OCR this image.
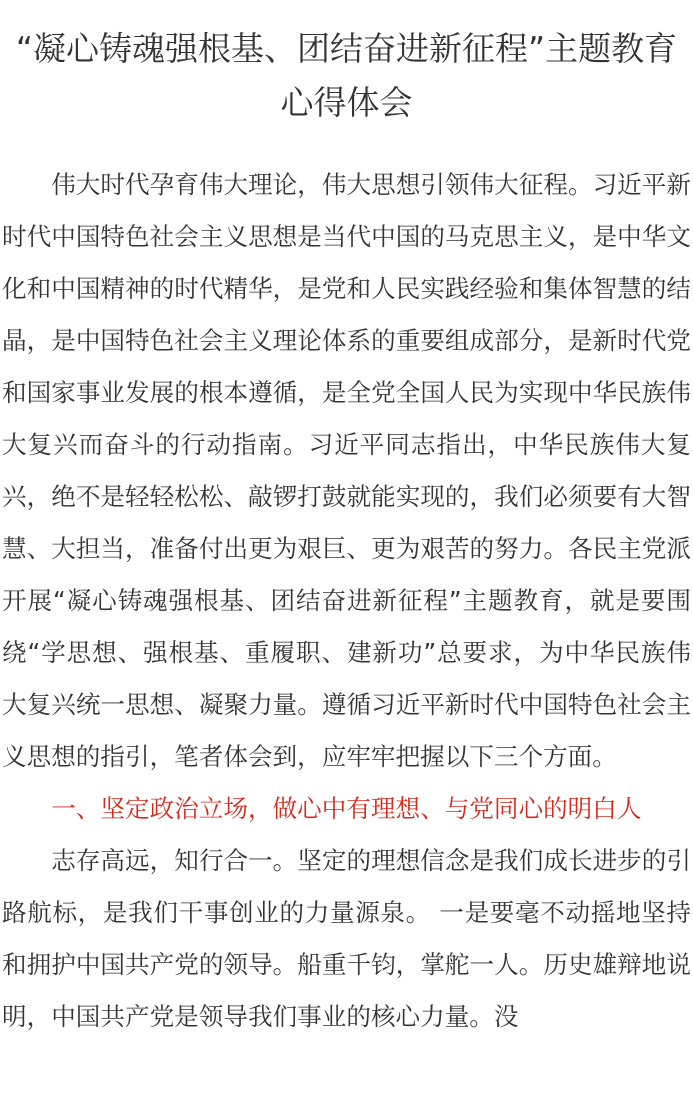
“凝心铸魂强根基、团结奋进新征程”主题教育心得体会

伟大时代孕育伟大理论，伟大思想引领伟大征程。习近平新时代中国特色社会主义思想是当代中国的马克思主义，是中华文化和中国精神的时代精华，是党和人民实践经验和集体智慧的结晶，是中国特色社会主义理论体系的重要组成部分，是新时代党和国家事业发展的根本遵循，是全党全国人民为实现中华民族伟大复兴而奋斗的行动指南。习近平同志指出，中华民族伟大复兴，绝不是轻轻松松、敲锣打鼓就能实现的，我们必须要有大智慧、大担当，准备付出更为艰巨、更为艰苦的努力。各民主党派开展“凝心铸魂强根基、团结奋进新征程”主题教育，就是要围绕“学思想、强根基、重履职、建新功”总要求，为中华民族伟大复兴统一思想、凝聚力量。遵循习近平新时代中国特色社会主义思想的指引，笔者体会到，应牢牢把握以下三个方面。

一、坚定政治立场，做心中有理想、与党同心的明白人

志存高远，知行合一。坚定的理想信念是我们成长进步的引路航标，是我们干事创业的力量源泉。 一是要毫不动摇地坚持和拥护中国共产党的领导。船重千钧，掌舵一人。历史雄辩地说明，中国共产党是领导我们事业的核心力量。没
